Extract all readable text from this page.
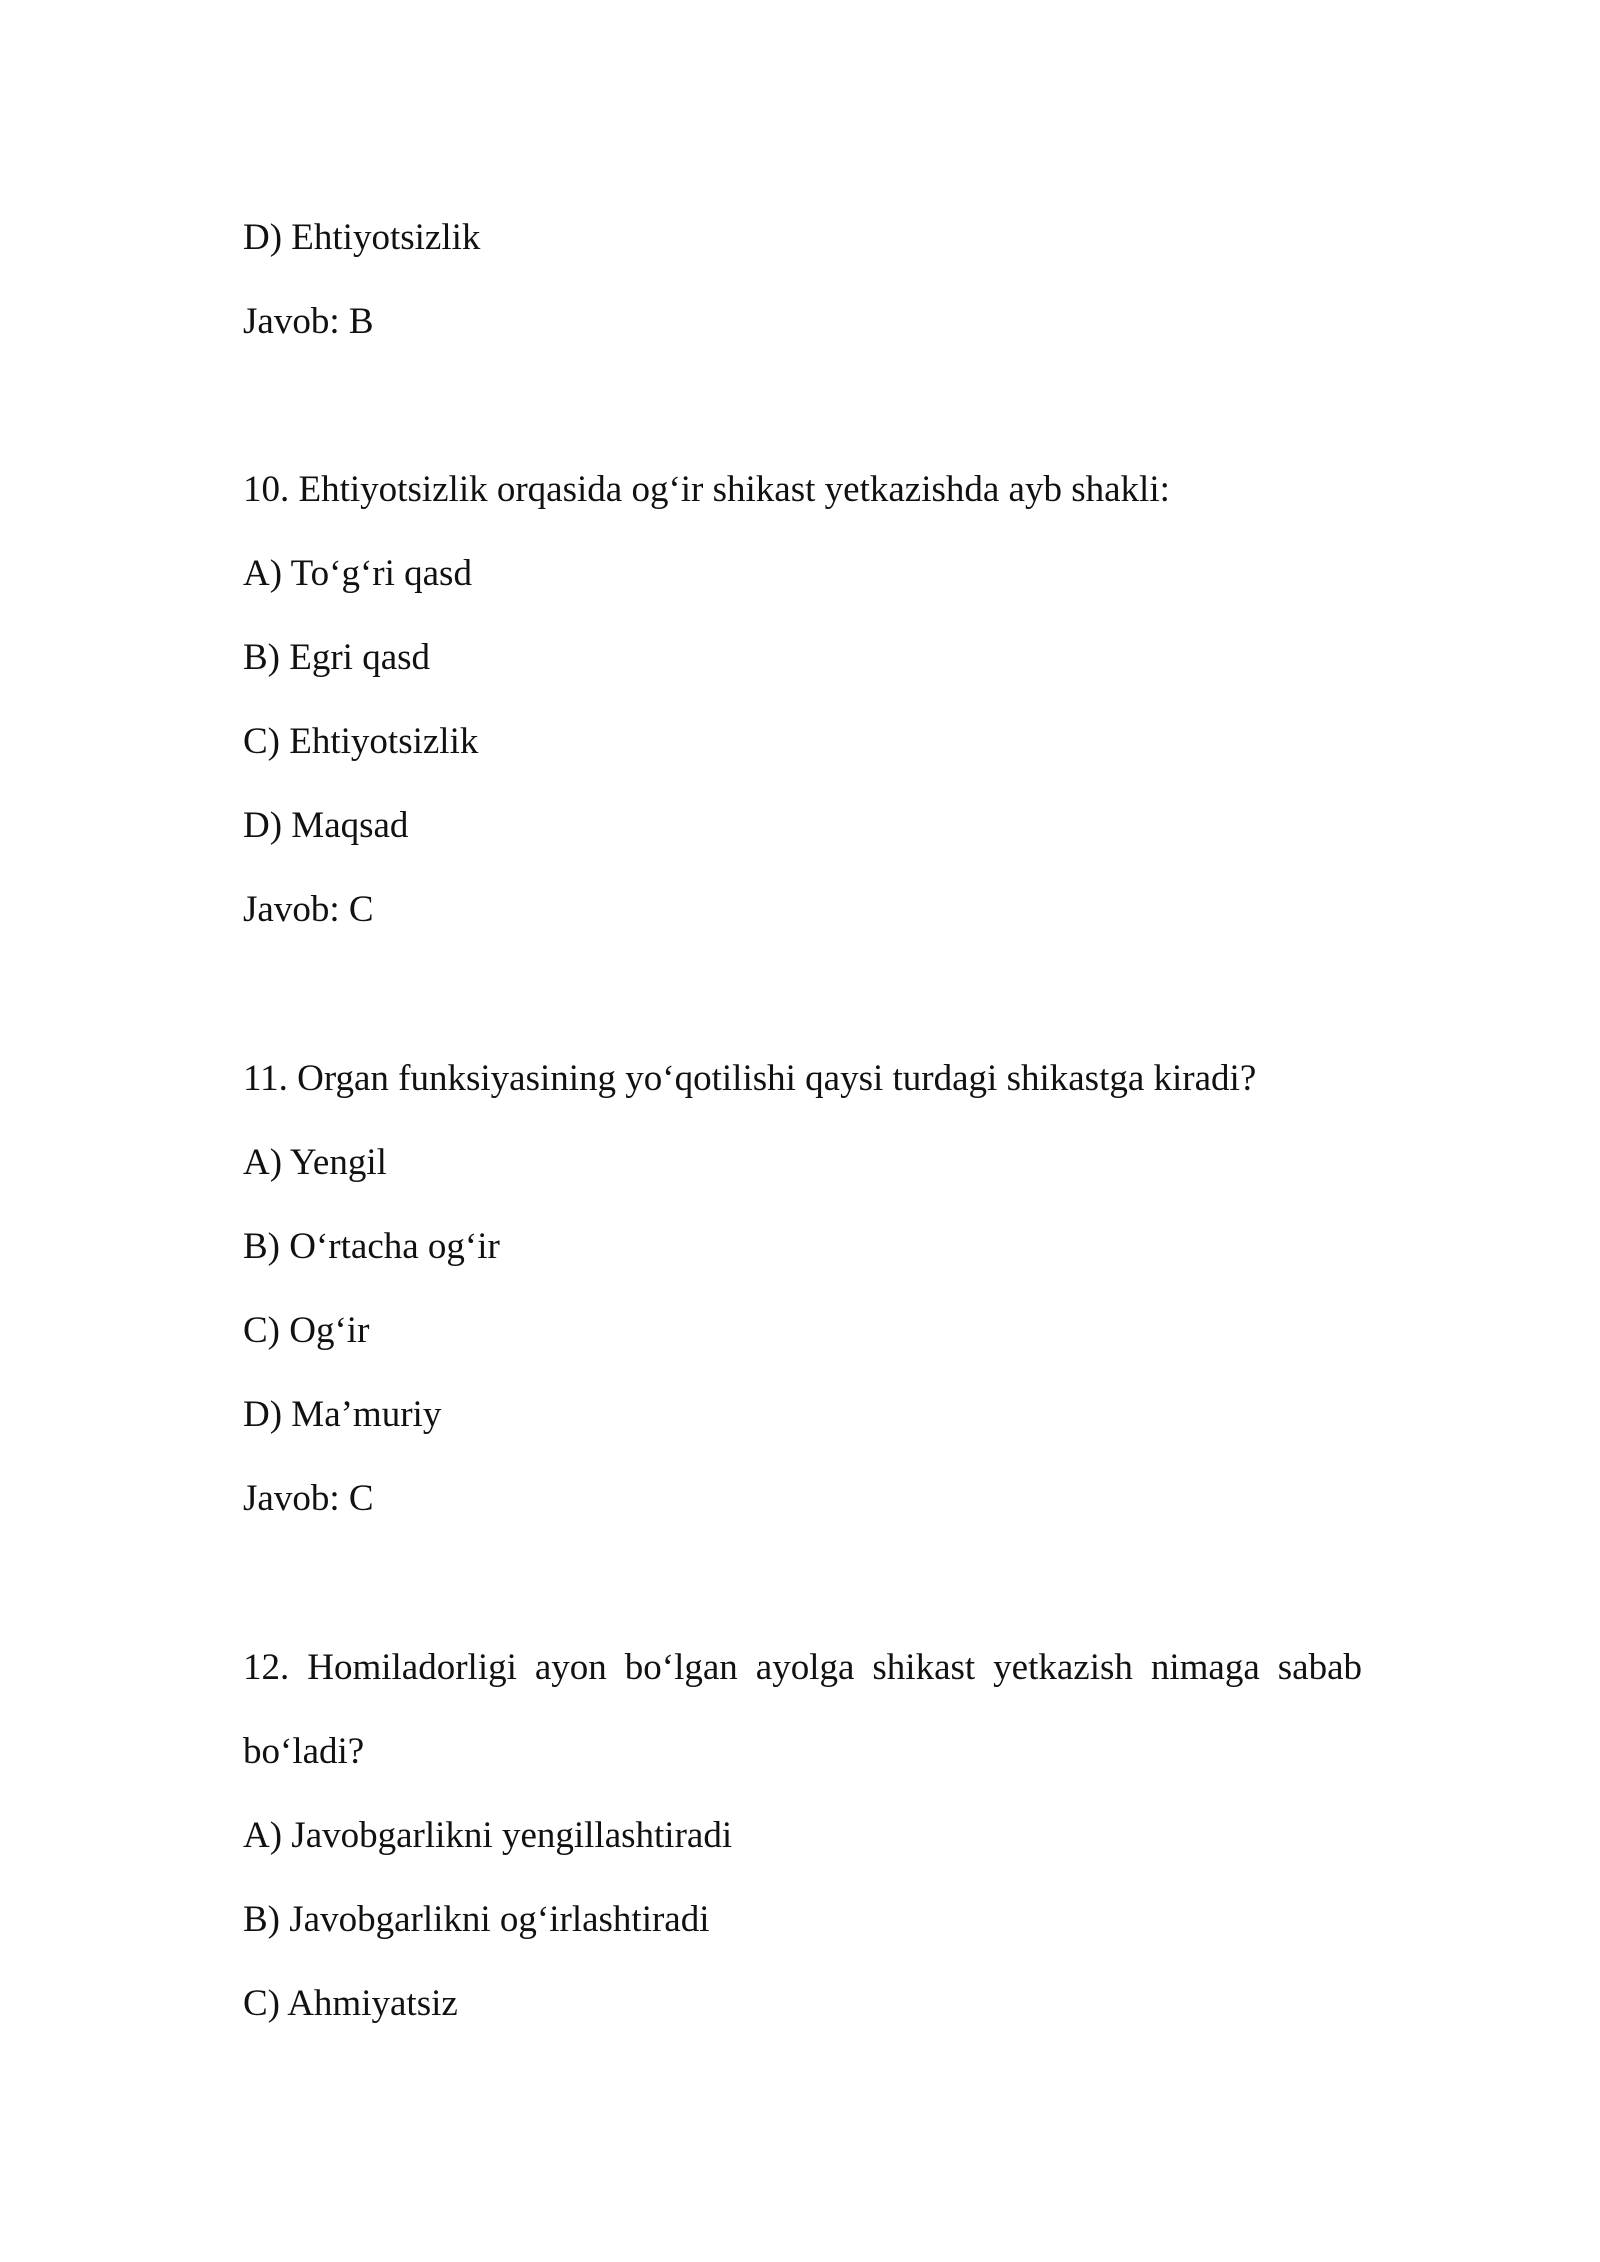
D) Ehtiyotsizlik

Javob: B

10. Ehtiyotsizlik orqasida og‘ir shikast yetkazishda ayb shakli:

A) To‘g‘ri qasd

B) Egri qasd

C) Ehtiyotsizlik

D) Maqsad

Javob: C

11. Organ funksiyasining yo‘qotilishi qaysi turdagi shikastga kiradi?

A) Yengil

B) O‘rtacha og‘ir

C) Og‘ir

D) Ma’muriy

Javob: C

12. Homiladorligi ayon bo‘lgan ayolga shikast yetkazish nimaga sabab

bo‘ladi?

A) Javobgarlikni yengillashtiradi

B) Javobgarlikni og‘irlashtiradi

C) Ahmiyatsiz
